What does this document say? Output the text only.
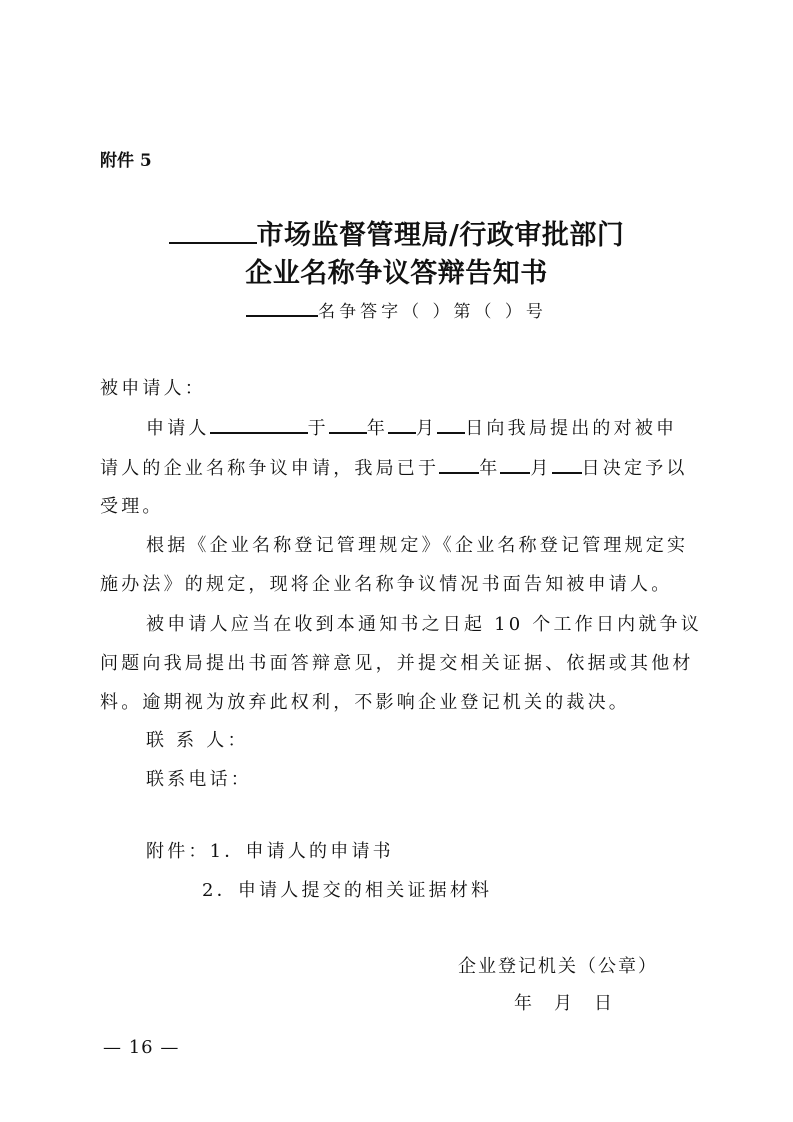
附件 5
市场监督管理局/行政审批部门
企业名称争议答辩告知书
名争答字（ ）第（ ）号
被申请人：
申请人	于 年 月 日向我局提出的对被申
请人的企业名称争议申请，我局已于 年 月 日决定予以
受理。
根据《企业名称登记管理规定》《企业名称登记管理规定实
施办法》的规定，现将企业名称争议情况书面告知被申请人。
被申请人应当在收到本通知书之日起 10 个工作日内就争议
问题向我局提出书面答辩意见，并提交相关证据、依据或其他材
料。逾期视为放弃此权利，不影响企业登记机关的裁决。
联 系 人：
联系电话：
附件：1．申请人的申请书
2．申请人提交的相关证据材料
企业登记机关（公章）
年 月 日
— 16 —
